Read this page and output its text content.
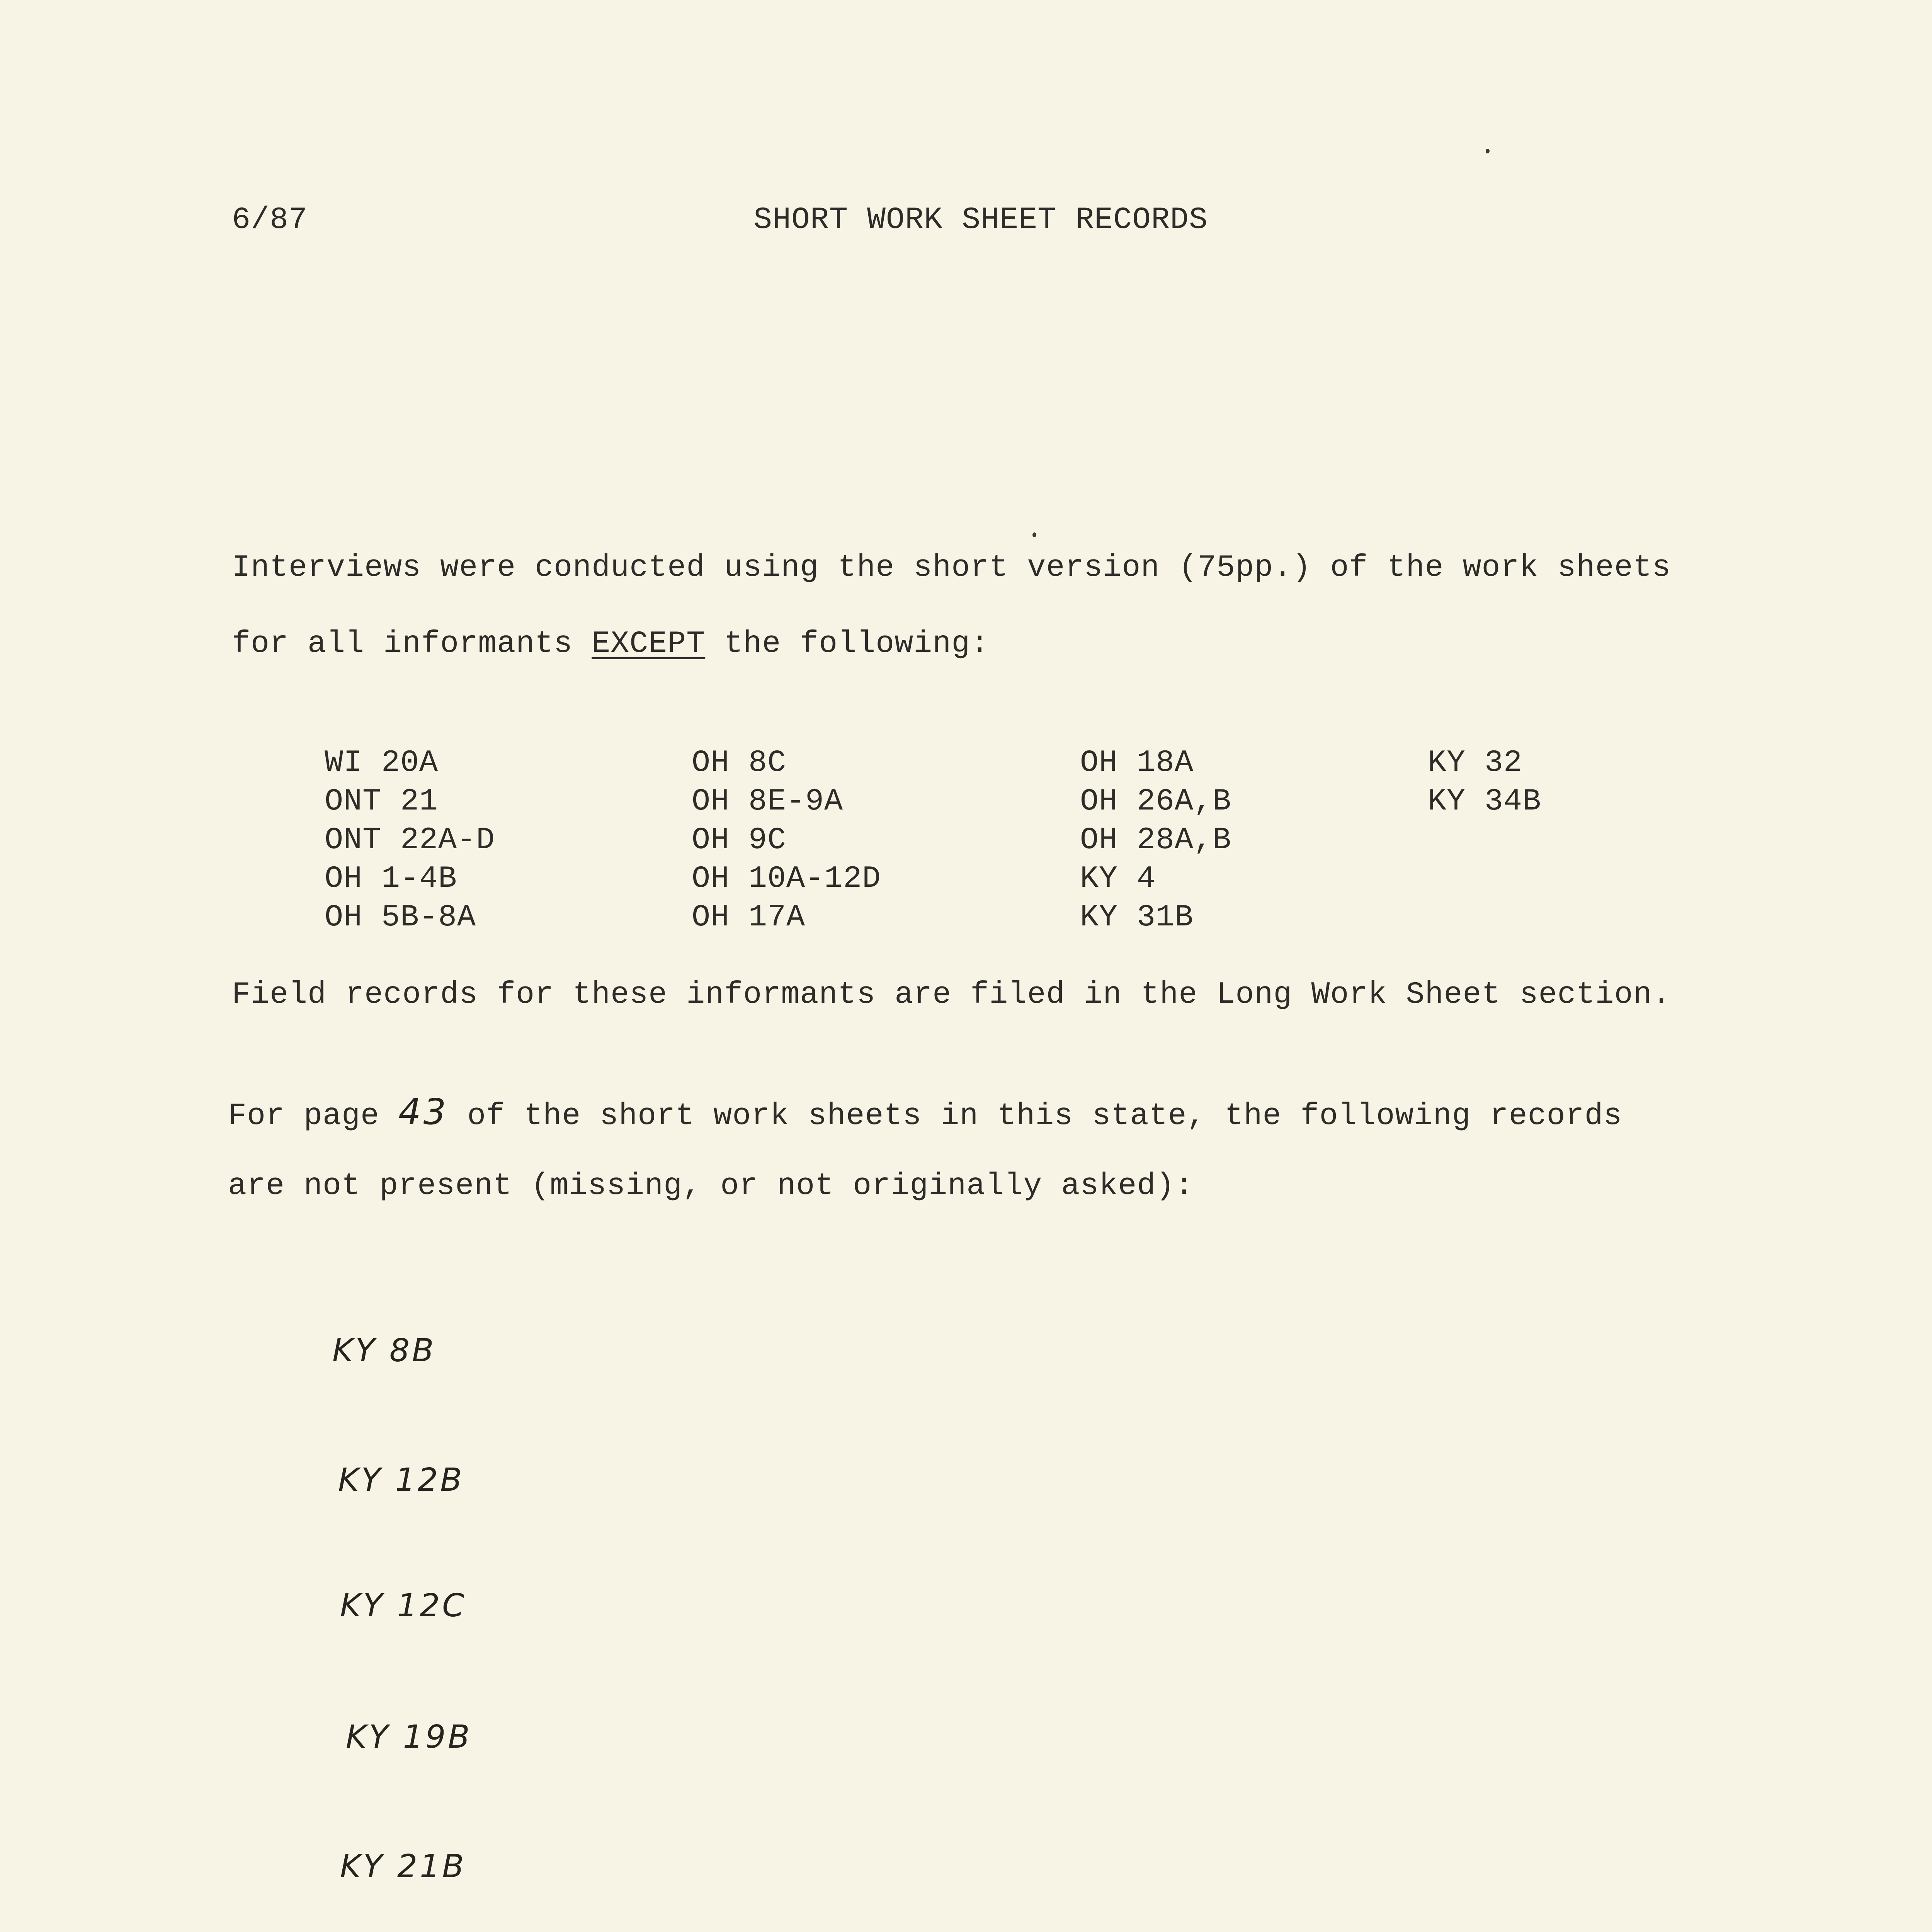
6/87	SHORT WORK SHEET RECORDS
Interviews were conducted using the short version (75pp.) of the work sheets
for all informants EXCEPT the following:
WI 20A
ONT 21
ONT 22A-D
OH 1-4B
OH 5B-8A
OH 8C
OH 8E-9A
OH 9C
OH 10A-12D
OH 17A
OH 18A
OH 26A,B
OH 28A,B
KY 4
KY 31B
KY 32
KY 34B
Field records for these informants are filed in the Long Work Sheet section.
For page 43 of the short work sheets in this state, the following records
are not present (missing, or not originally asked):
KY 8B
KY 12B
KY 12C
KY 19B
KY 21B
